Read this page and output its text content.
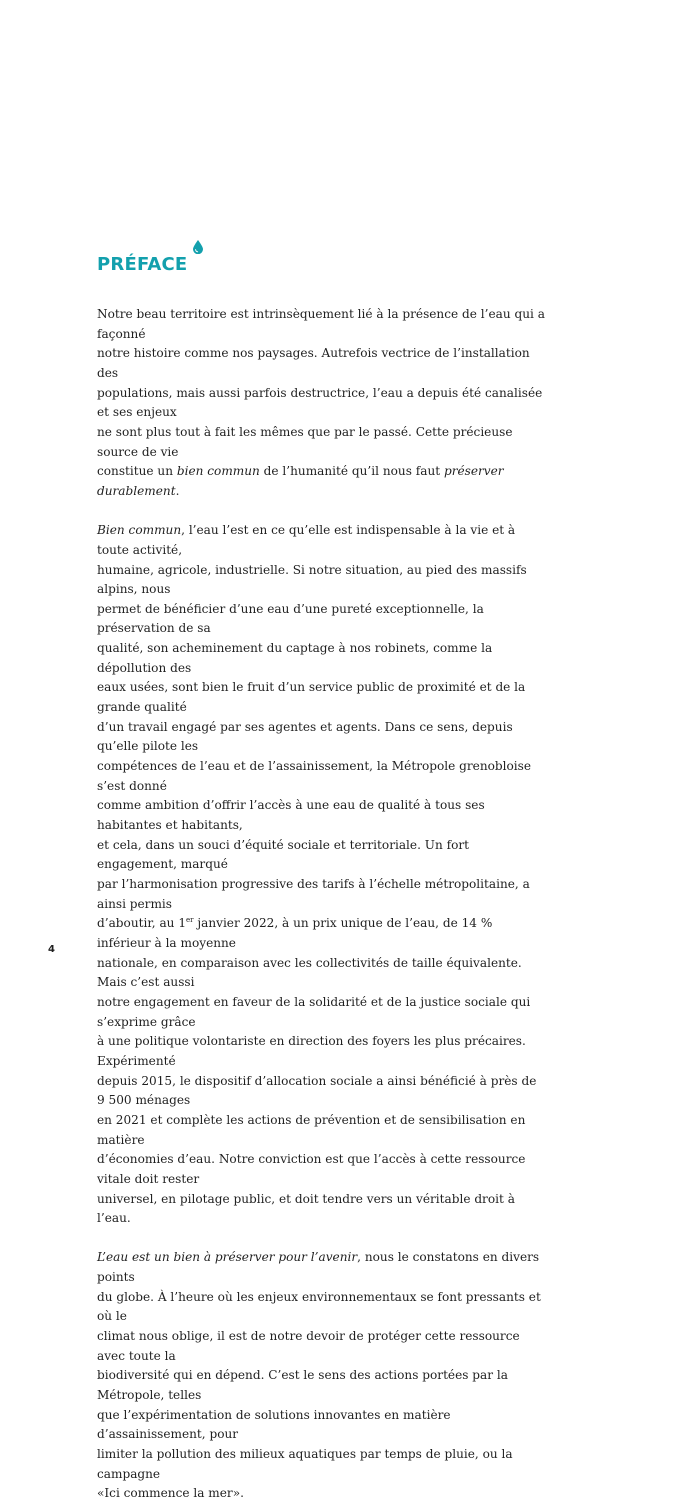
PRÉFACE

Notre beau territoire est intrinsèquement lié à la présence de l’eau qui a façonné
notre histoire comme nos paysages. Autrefois vectrice de l’installation des
populations, mais aussi parfois destructrice, l’eau a depuis été canalisée et ses enjeux
ne sont plus tout à fait les mêmes que par le passé. Cette précieuse source de vie
constitue un bien commun de l’humanité qu’il nous faut préserver durablement.

Bien commun, l’eau l’est en ce qu’elle est indispensable à la vie et à toute activité,
humaine, agricole, industrielle. Si notre situation, au pied des massifs alpins, nous
permet de bénéficier d’une eau d’une pureté exceptionnelle, la préservation de sa
qualité, son acheminement du captage à nos robinets, comme la dépollution des
eaux usées, sont bien le fruit d’un service public de proximité et de la grande qualité
d’un travail engagé par ses agentes et agents. Dans ce sens, depuis qu’elle pilote les
compétences de l’eau et de l’assainissement, la Métropole grenobloise s’est donné
comme ambition d’offrir l’accès à une eau de qualité à tous ses habitantes et habitants,
et cela, dans un souci d’équité sociale et territoriale. Un fort engagement, marqué
par l’harmonisation progressive des tarifs à l’échelle métropolitaine, a ainsi permis
d’aboutir, au 1er janvier 2022, à un prix unique de l’eau, de 14 % inférieur à la moyenne
nationale, en comparaison avec les collectivités de taille équivalente. Mais c’est aussi
notre engagement en faveur de la solidarité et de la justice sociale qui s’exprime grâce
à une politique volontariste en direction des foyers les plus précaires. Expérimenté
depuis 2015, le dispositif d’allocation sociale a ainsi bénéficié à près de 9 500 ménages
en 2021 et complète les actions de prévention et de sensibilisation en matière
d’économies d’eau. Notre conviction est que l’accès à cette ressource vitale doit rester
universel, en pilotage public, et doit tendre vers un véritable droit à l’eau.

L’eau est un bien à préserver pour l’avenir, nous le constatons en divers points
du globe. À l’heure où les enjeux environnementaux se font pressants et où le
climat nous oblige, il est de notre devoir de protéger cette ressource avec toute la
biodiversité qui en dépend. C’est le sens des actions portées par la Métropole, telles
que l’expérimentation de solutions innovantes en matière d’assainissement, pour
limiter la pollution des milieux aquatiques par temps de pluie, ou la campagne
«Ici commence la mer».

4
